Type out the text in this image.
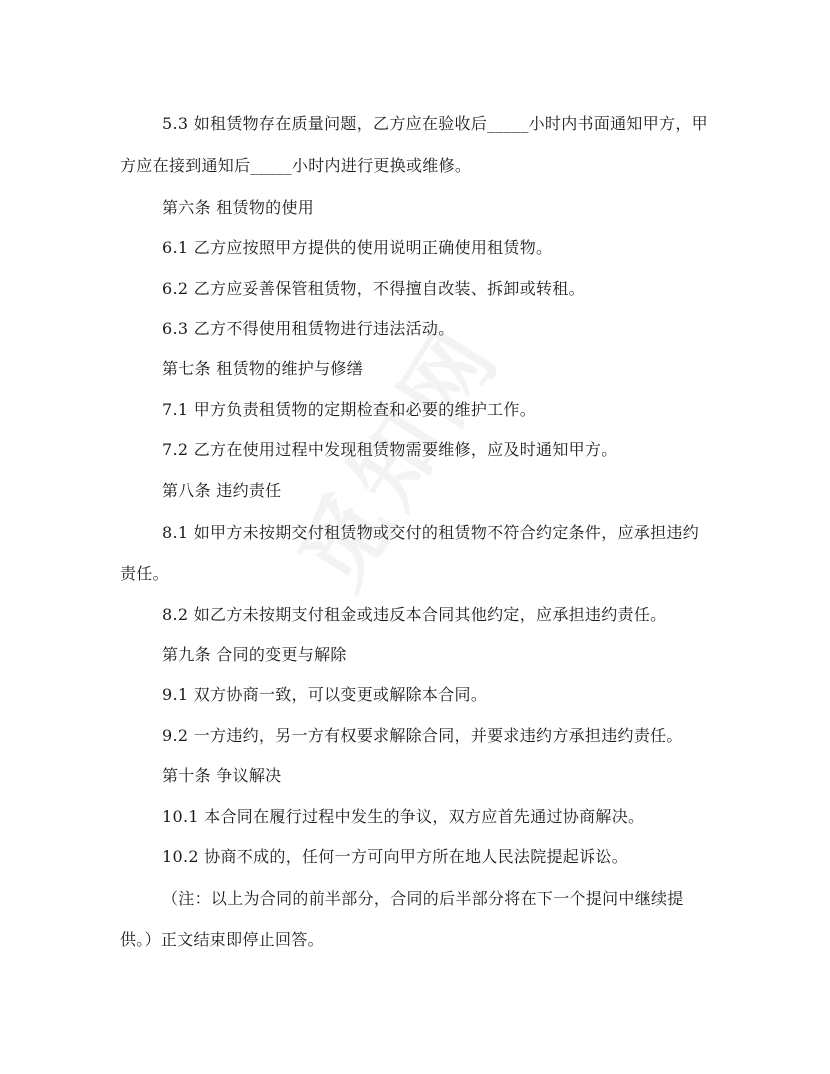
5.3 如租赁物存在质量问题，乙方应在验收后_____小时内书面通知甲方，甲
方应在接到通知后_____小时内进行更换或维修。
第六条 租赁物的使用
6.1 乙方应按照甲方提供的使用说明正确使用租赁物。
6.2 乙方应妥善保管租赁物，不得擅自改装、拆卸或转租。
6.3 乙方不得使用租赁物进行违法活动。
第七条 租赁物的维护与修缮
7.1 甲方负责租赁物的定期检查和必要的维护工作。
7.2 乙方在使用过程中发现租赁物需要维修，应及时通知甲方。
第八条 违约责任
8.1 如甲方未按期交付租赁物或交付的租赁物不符合约定条件，应承担违约
责任。
8.2 如乙方未按期支付租金或违反本合同其他约定，应承担违约责任。
第九条 合同的变更与解除
9.1 双方协商一致，可以变更或解除本合同。
9.2 一方违约，另一方有权要求解除合同，并要求违约方承担违约责任。
第十条 争议解决
10.1 本合同在履行过程中发生的争议，双方应首先通过协商解决。
10.2 协商不成的，任何一方可向甲方所在地人民法院提起诉讼。
（注：以上为合同的前半部分，合同的后半部分将在下一个提问中继续提
供。）正文结束即停止回答。
